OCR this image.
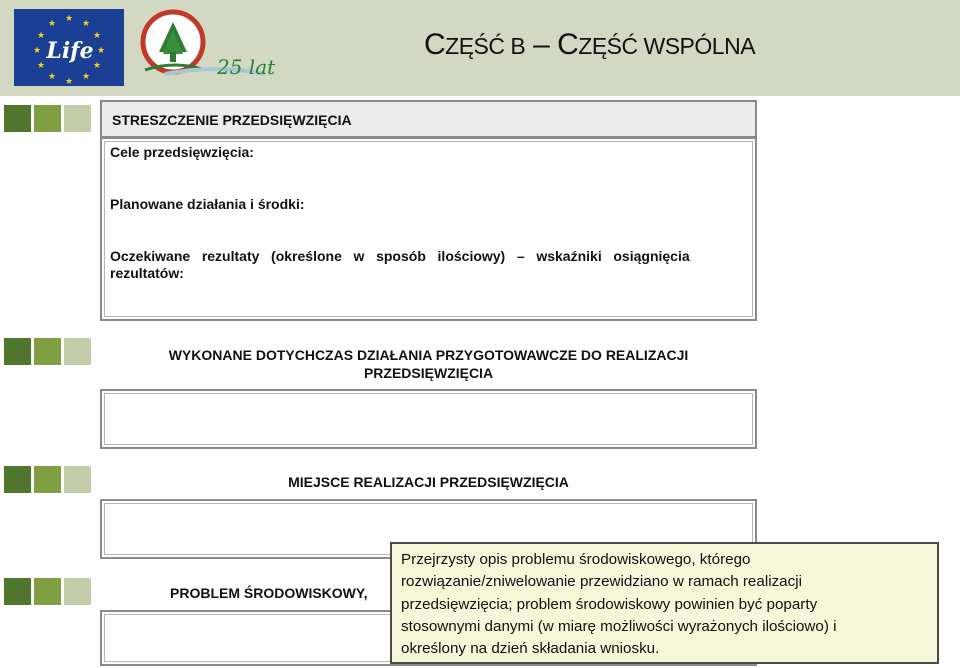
★ ★
★
★
★
★
★
★
★
★
★
★
Life
25 lat
CZĘŚĆ B – CZĘŚĆ WSPÓLNA
STRESZCZENIE PRZEDSIĘWZIĘCIA
Cele przedsięwzięcia:
Planowane działania i środki:
Oczekiwane   rezultaty   (określone   w   sposób   ilościowy)   –   wskaźniki   osiągnięcia
rezultatów:
WYKONANE DOTYCHCZAS DZIAŁANIA PRZYGOTOWAWCZE DO REALIZACJI
PRZEDSIĘWZIĘCIA
MIEJSCE REALIZACJI PRZEDSIĘWZIĘCIA
PROBLEM ŚRODOWISKOWY,
Przejrzysty opis problemu środowiskowego, którego
rozwiązanie/zniwelowanie przewidziano w ramach realizacji
przedsięwzięcia; problem środowiskowy powinien być poparty
stosownymi danymi (w miarę możliwości wyrażonych ilościowo) i
określony na dzień składania wniosku.
